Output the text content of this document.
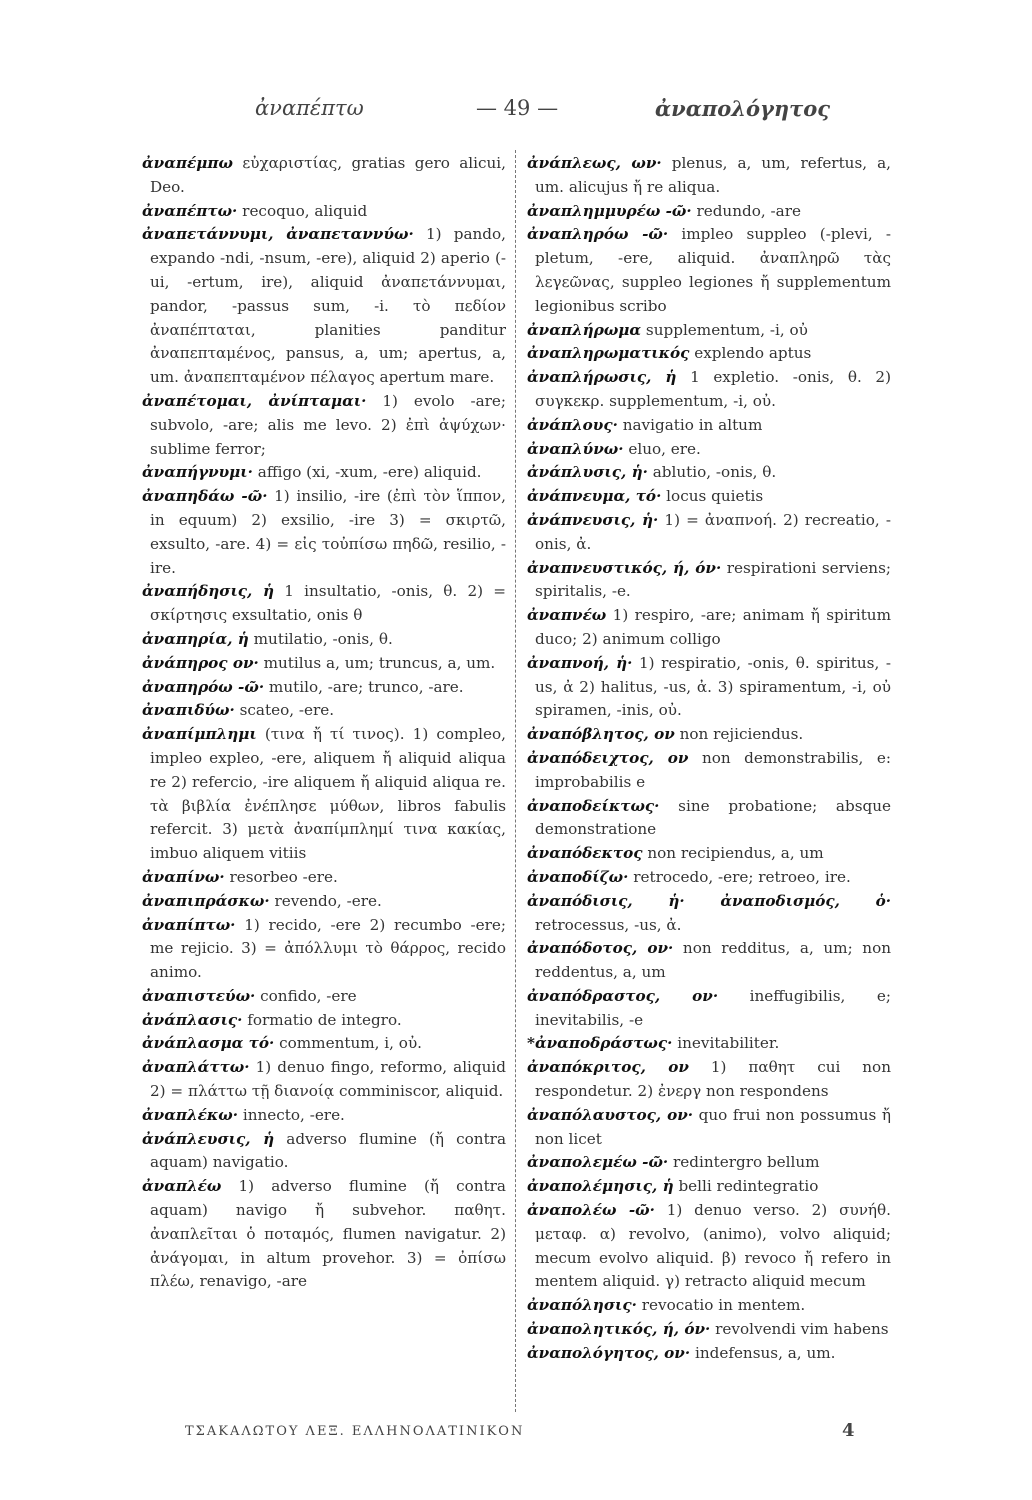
ἀναπέπτω	— 49 —	ἀναπολόγητος

ἀναπέμπω εὐχαριστίας, gratias gero alicui, Deo.

ἀναπέπτω· recoquo, aliquid

ἀναπετάννυμι, ἀναπεταννύω· 1) pando, expando -ndi, -nsum, -ere), aliquid 2) aperio (-ui, -ertum, ire), aliquid ἀναπετάννυμαι, pandor, -passus sum, -i. τὸ πεδίον ἀναπέπταται, planities panditur ἀναπεπταμένος, pansus, a, um; apertus, a, um. ἀναπεπταμένον πέλαγος apertum mare.

ἀναπέτομαι, ἀνίπταμαι· 1) evolo -are; subvolo, -are; alis me levo. 2) ἐπὶ ἀψύχων· sublime ferror;

ἀναπήγνυμι· affigo (xi, -xum, -ere) aliquid.

ἀναπηδάω -ῶ· 1) insilio, -ire (ἐπὶ τὸν ἵππον, in equum) 2) exsilio, -ire 3) = σκιρτῶ, exsulto, -are. 4) = εἰς τοὐπίσω πηδῶ, resilio, -ire.

ἀναπήδησις, ἡ 1 insultatio, -onis, θ. 2) = σκίρτησις exsultatio, onis θ

ἀναπηρία, ἡ mutilatio, -onis, θ.

ἀνάπηρος ον· mutilus a, um; truncus, a, um.

ἀναπηρόω -ῶ· mutilo, -are; trunco, -are.

ἀναπιδύω· scateo, -ere.

ἀναπίμπλημι (τινα ἤ τί τινος). 1) compleo, impleo expleo, -ere, aliquem ἤ aliquid aliqua re 2) refercio, -ire aliquem ἤ aliquid aliqua re. τὰ βιβλία ἐνέπλησε μύθων, libros fabulis refercit. 3) μετὰ ἀναπίμπλημί τινα κακίας, imbuo aliquem vitiis

ἀναπίνω· resorbeo -ere.

ἀναπιπράσκω· revendo, -ere.

ἀναπίπτω· 1) recido, -ere 2) recumbo -ere; me rejicio. 3) = ἀπόλλυμι τὸ θάρρος, recido animo.

ἀναπιστεύω· confido, -ere

ἀνάπλασις· formatio de integro.

ἀνάπλασμα τό· commentum, i, οὐ.

ἀναπλάττω· 1) denuo fingo, reformo, aliquid 2) = πλάττω τῇ διανοίᾳ comminiscor, aliquid.

ἀναπλέκω· innecto, -ere.

ἀνάπλευσις, ἡ adverso flumine (ἤ contra aquam) navigatio.

ἀναπλέω 1) adverso flumine (ἤ contra aquam) navigo ἤ subvehor. παθητ. ἀναπλεῖται ὁ ποταμός, flumen navigatur. 2) ἀνάγομαι, in altum provehor. 3) = ὀπίσω πλέω, renavigo, -are

ἀνάπλεως, ων· plenus, a, um, refertus, a, um. alicujus ἤ re aliqua.

ἀναπλημμυρέω -ῶ· redundo, -are

ἀναπληρόω -ῶ· impleo suppleo (-plevi, -pletum, -ere, aliquid. ἀναπληρῶ τὰς λεγεῶνας, suppleo legiones ἤ supplementum legionibus scribo

ἀναπλήρωμα supplementum, -i, οὐ

ἀναπληρωματικός explendo aptus

ἀναπλήρωσις, ἡ 1 expletio. -onis, θ. 2) συγκεκρ. supplementum, -i, οὐ.

ἀνάπλους· navigatio in altum

ἀναπλύνω· eluo, ere.

ἀνάπλυσις, ἡ· ablutio, -onis, θ.

ἀνάπνευμα, τό· locus quietis

ἀνάπνευσις, ἡ· 1) = ἀναπνοή. 2) recreatio, -onis, ἀ.

ἀναπνευστικός, ή, όν· respirationi serviens; spiritalis, -e.

ἀναπνέω 1) respiro, -are; animam ἤ spiritum duco; 2) animum colligo

ἀναπνοή, ἡ· 1) respiratio, -onis, θ. spiritus, -us, ἀ 2) halitus, -us, ἀ. 3) spiramentum, -i, οὐ spiramen, -inis, οὐ.

ἀναπόβλητος, ον non rejiciendus.

ἀναπόδειχτος, ον non demonstrabilis, e: improbabilis e

ἀναποδείκτως· sine probatione; absque demonstratione

ἀναπόδεκτος non recipiendus, a, um

ἀναποδίζω· retrocedo, -ere; retroeo, ire.

ἀναπόδισις, ἡ· ἀναποδισμός, ὁ· retrocessus, -us, ἀ.

ἀναπόδοτος, ον· non redditus, a, um; non reddentus, a, um

ἀναπόδραστος, ον· ineffugibilis, e; inevitabilis, -e

*ἀναποδράστως· inevitabiliter.

ἀναπόκριτος, ον 1) παθητ cui non respondetur. 2) ἐνεργ non respondens

ἀναπόλαυστος, ον· quo frui non possumus ἤ non licet

ἀναπολεμέω -ῶ· redintergro bellum

ἀναπολέμησις, ἡ belli redintegratio

ἀναπολέω -ῶ· 1) denuo verso. 2) συνήθ. μεταφ. α) revolvo, (animo), volvo aliquid; mecum evolvo aliquid. β) revoco ἤ refero in mentem aliquid. γ) retracto aliquid mecum

ἀναπόλησις· revocatio in mentem.

ἀναπολητικός, ή, όν· revolvendi vim habens

ἀναπολόγητος, ον· indefensus, a, um.

ΤΣΑΚΑΛΩΤΟΥ ΛΕΞ. ΕΛΛΗΝΟΛΑΤΙΝΙΚΟΝ	4
